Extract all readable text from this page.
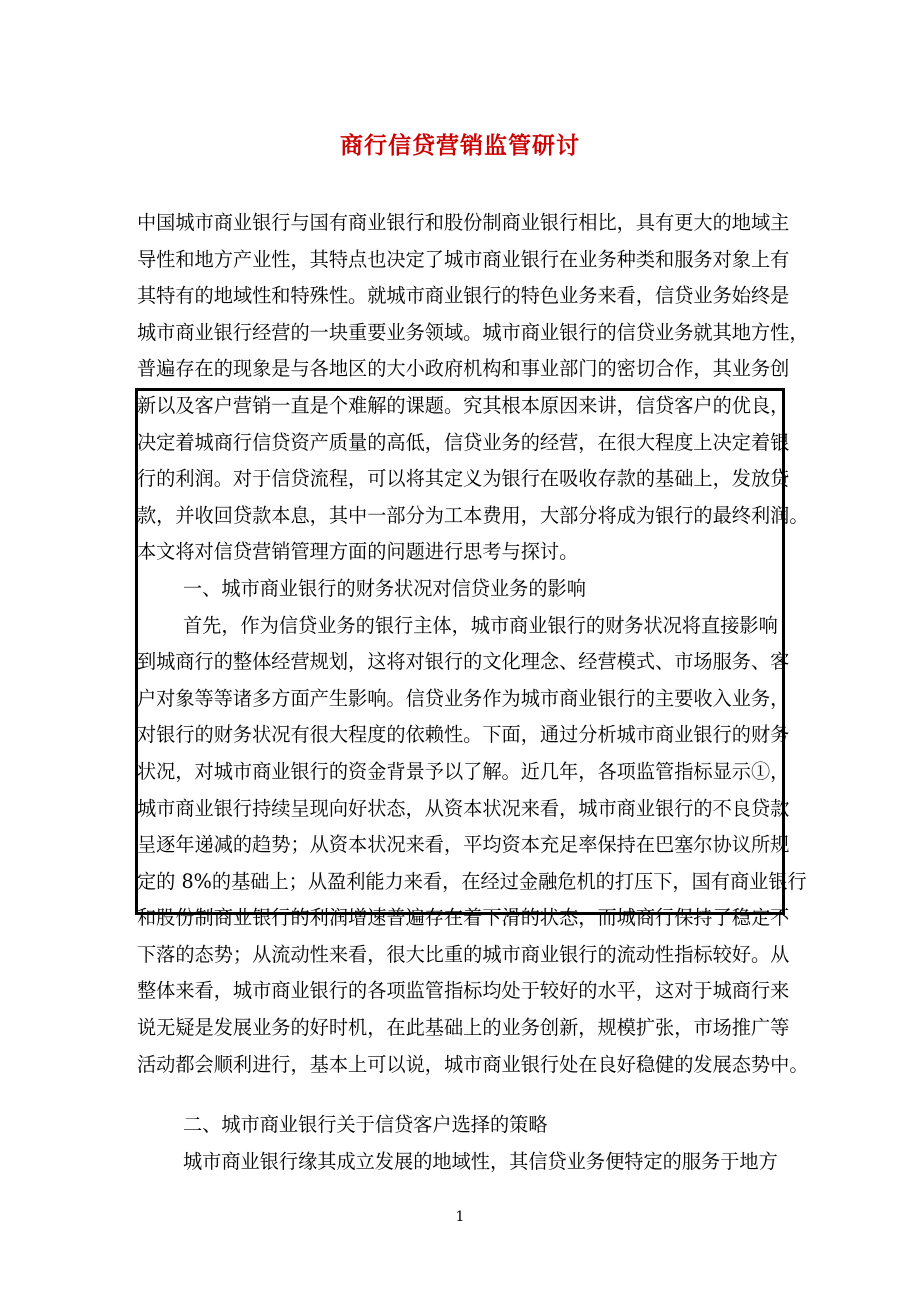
商行信贷营销监管研讨
中国城市商业银行与国有商业银行和股份制商业银行相比，具有更大的地域主
导性和地方产业性，其特点也决定了城市商业银行在业务种类和服务对象上有
其特有的地域性和特殊性。就城市商业银行的特色业务来看，信贷业务始终是
城市商业银行经营的一块重要业务领域。城市商业银行的信贷业务就其地方性，
普遍存在的现象是与各地区的大小政府机构和事业部门的密切合作，其业务创
新以及客户营销一直是个难解的课题。究其根本原因来讲，信贷客户的优良，
决定着城商行信贷资产质量的高低，信贷业务的经营，在很大程度上决定着银
行的利润。对于信贷流程，可以将其定义为银行在吸收存款的基础上，发放贷
款，并收回贷款本息，其中一部分为工本费用，大部分将成为银行的最终利润。
本文将对信贷营销管理方面的问题进行思考与探讨。
一、城市商业银行的财务状况对信贷业务的影响
首先，作为信贷业务的银行主体，城市商业银行的财务状况将直接影响
到城商行的整体经营规划，这将对银行的文化理念、经营模式、市场服务、客
户对象等等诸多方面产生影响。信贷业务作为城市商业银行的主要收入业务，
对银行的财务状况有很大程度的依赖性。下面，通过分析城市商业银行的财务
状况，对城市商业银行的资金背景予以了解。近几年，各项监管指标显示①，
城市商业银行持续呈现向好状态，从资本状况来看，城市商业银行的不良贷款
呈逐年递减的趋势；从资本状况来看，平均资本充足率保持在巴塞尔协议所规
定的 8%的基础上；从盈利能力来看，在经过金融危机的打压下，国有商业银行
和股份制商业银行的利润增速普遍存在着下滑的状态，而城商行保持了稳定不
下落的态势；从流动性来看，很大比重的城市商业银行的流动性指标较好。从
整体来看，城市商业银行的各项监管指标均处于较好的水平，这对于城商行来
说无疑是发展业务的好时机，在此基础上的业务创新，规模扩张，市场推广等
活动都会顺利进行，基本上可以说，城市商业银行处在良好稳健的发展态势中。
二、城市商业银行关于信贷客户选择的策略
城市商业银行缘其成立发展的地域性，其信贷业务便特定的服务于地方
1
